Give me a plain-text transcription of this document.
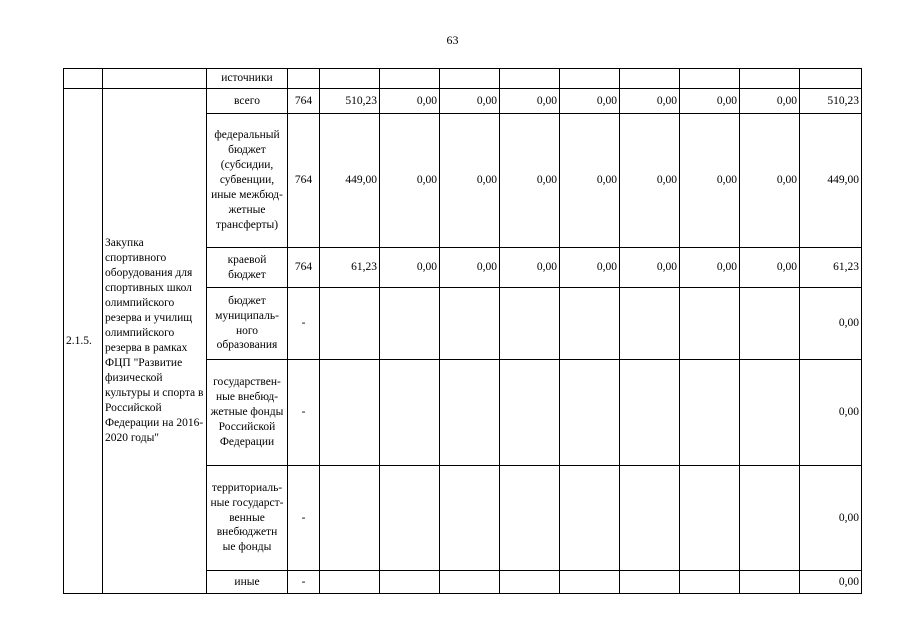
63
		источники										
2.1.5.	Закупка спортивного оборудования для спортивных школ олимпийского резерва и училищ олимпийского резерва в рамках ФЦП "Развитие физической культуры и спорта в Российской Федерации на 2016-2020 годы"	всего	764	510,23	0,00	0,00	0,00	0,00	0,00	0,00	0,00	510,23
		федеральный бюджет (субсидии, субвенции, иные межбюд-жетные трансферты)	764	449,00	0,00	0,00	0,00	0,00	0,00	0,00	0,00	449,00
		краевой бюджет	764	61,23	0,00	0,00	0,00	0,00	0,00	0,00	0,00	61,23
		бюджет муниципаль-ного образования	-									0,00
		государствен-ные внебюд-жетные фонды Российской Федерации	-									0,00
		территориаль-ные государст-венные внебюджетн ые фонды	-									0,00
		иные	-									0,00
